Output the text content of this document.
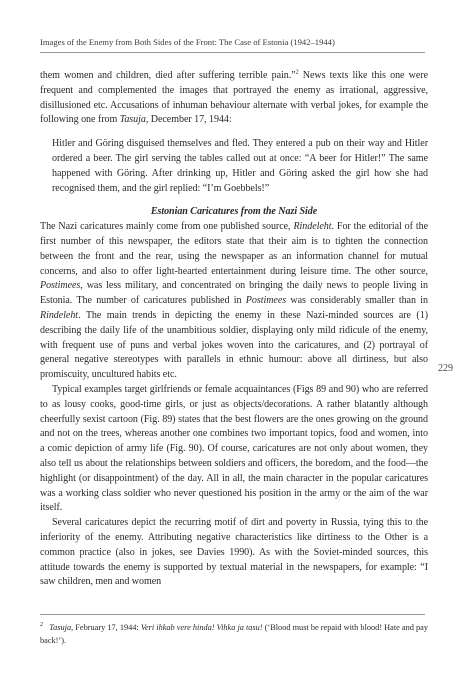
Images of the Enemy from Both Sides of the Front: The Case of Estonia (1942–1944)

them women and children, died after suffering terrible pain.”$^2$ News texts like this one were frequent and complemented the images that portrayed the enemy as irrational, aggressive, disillusioned etc. Accusations of inhuman behaviour alternate with verbal jokes, for example the following one from Tasuja, December 17, 1944:

Hitler and Göring disguised themselves and fled. They entered a pub on their way and Hitler ordered a beer. The girl serving the tables called out at once: “A beer for Hitler!” The same happened with Göring. After drinking up, Hitler and Göring asked the girl how she had recognised them, and the girl replied: “I’m Goebbels!”

Estonian Caricatures from the Nazi Side

The Nazi caricatures mainly come from one published source, Rindeleht. For the editorial of the first number of this newspaper, the editors state that their aim is to tighten the connection between the front and the rear, using the newspaper as an information channel for mutual concerns, and also to offer light-hearted entertainment during leisure time. The other source, Postimees, was less military, and concentrated on bringing the daily news to people living in Estonia. The number of caricatures published in Postimees was considerably smaller than in Rindeleht. The main trends in depicting the enemy in these Nazi-minded sources are (1) describing the daily life of the unambitious soldier, displaying only mild ridicule of the enemy, with frequent use of puns and verbal jokes woven into the caricatures, and (2) portrayal of general negative stereotypes with parallels in ethnic humour: above all dirtiness, but also promiscuity, uncultured habits etc.

Typical examples target girlfriends or female acquaintances (Figs 89 and 90) who are referred to as lousy cooks, good-time girls, or just as objects/decorations. A rather blatantly although cheerfully sexist cartoon (Fig. 89) states that the best flowers are the ones growing on the ground and not on the trees, whereas another one combines two important topics, food and women, into a comic depiction of army life (Fig. 90). Of course, caricatures are not only about women, they also tell us about the relationships between soldiers and officers, the boredom, and the food—the highlight (or disappointment) of the day. All in all, the main character in the popular caricatures was a working class soldier who never questioned his position in the army or the aim of the war itself.

Several caricatures depict the recurring motif of dirt and poverty in Russia, tying this to the inferiority of the enemy. Attributing negative characteristics like dirtiness to the Other is a common practice (also in jokes, see Davies 1990). As with the Soviet-minded sources, this attitude towards the enemy is supported by textual material in the newspapers, for example: “I saw children, men and women

229

$^2$ Tasuja, February 17, 1944: Veri ihkab vere hinda! Vihka ja tasu! (‘Blood must be repaid with blood! Hate and pay back!’).
